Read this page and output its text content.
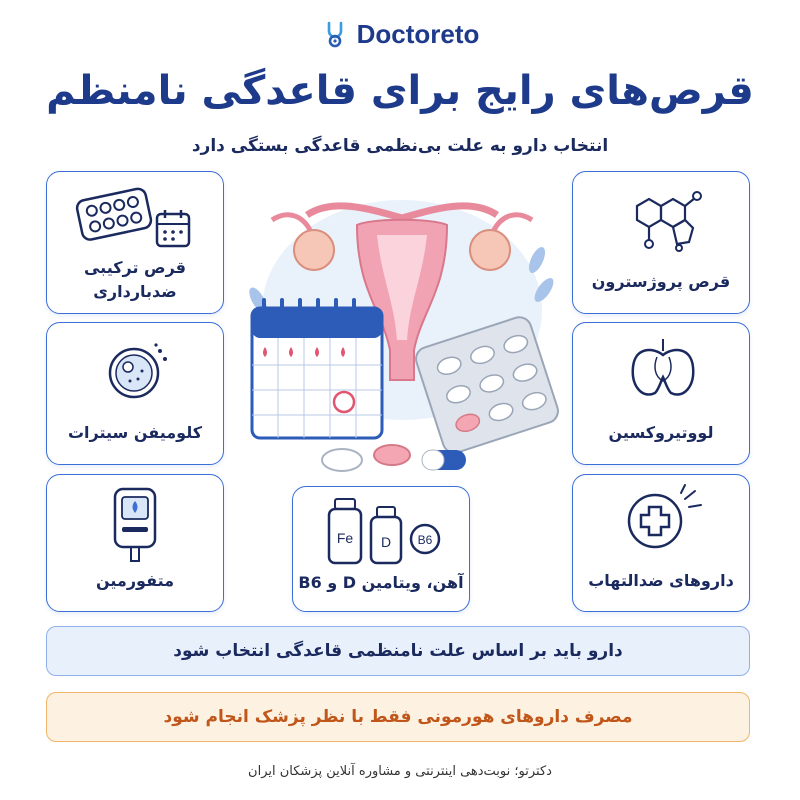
Doctoreto
قرص‌های رایج برای قاعدگی نامنظم
انتخاب دارو به علت بی‌نظمی قاعدگی بستگی دارد
قرص ترکیبی
ضدبارداری
قرص پروژسترون
کلومیفن سیترات	لووتیروکسین
متفورمین
Fe D B6
آهن، ویتامین D و B6	داروهای ضدالتهاب
دارو باید بر اساس علت نامنظمی قاعدگی انتخاب شود
مصرف داروهای هورمونی فقط با نظر پزشک انجام شود
دکترتو؛ نوبت‌دهی اینترنتی و مشاوره آنلاین پزشکان ایران
